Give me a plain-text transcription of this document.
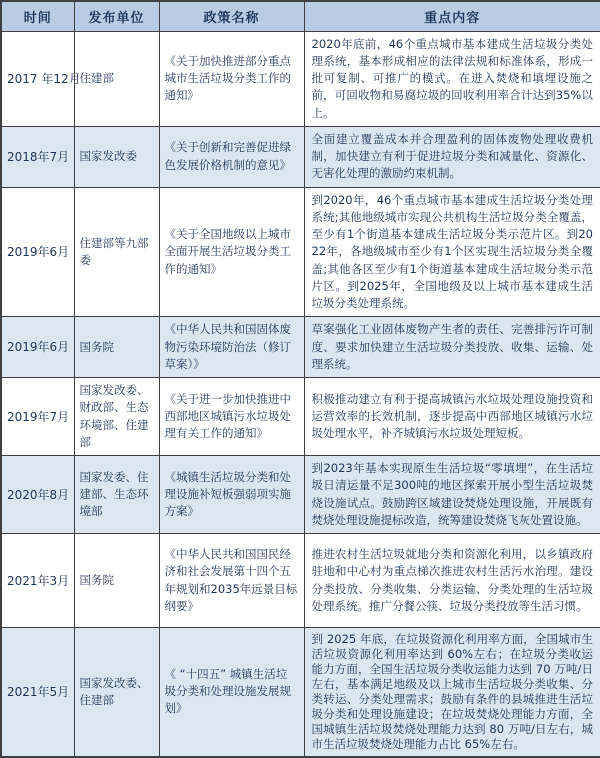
时间	发布单位	政策名称	重点内容
2017 年12月	住建部	《关于加快推进部分重点城市生活垃圾分类工作的通知》	2020年底前，46个重点城市基本建成生活垃圾分类处理系统，基本形成相应的法律法规和标准体系，形成一批可复制、可推广的模式。在进入焚烧和填埋设施之前，可回收物和易腐垃圾的回收利用率合计达到35%以上。
2018年7月	国家发改委	《关于创新和完善促进绿色发展价格机制的意见》	全面建立覆盖成本并合理盈利的固体废物处理收费机制，加快建立有利于促进垃圾分类和减量化、资源化、无害化处理的激励约束机制。
2019年6月	住建部等九部委	《关于全国地级以上城市全面开展生活垃圾分类工作的通知》	到2020年，46个重点城市基本建成生活垃圾分类处理系统;其他地级城市实现公共机构生活垃圾分类全覆盖，至少有1个街道基本建成生活垃圾分类示范片区。到2022年，各地级城市至少有1个区实现生活垃圾分类全覆盖;其他各区至少有1个街道基本建成生活垃圾分类示范片区。到2025年，全国地级及以上城市基本建成生活垃圾分类处理系统。
2019年6月	国务院	《中华人民共和国固体废物污染环境防治法（修订草案）》	草案强化工业固体废物产生者的责任、完善排污许可制度、要求加快建立生活垃圾分类投放、收集、运输、处理系统。
2019年7月	国家发改委、财政部、生态环境部、住建部	《关于进一步加快推进中西部地区城镇污水垃圾处理有关工作的通知》	积极推动建立有利于提高城镇污水垃圾处理设施投资和运营效率的长效机制，逐步提高中西部地区城镇污水垃圾处理水平，补齐城镇污水垃圾处理短板。
2020年8月	国家发委、住建部、生态环境部	《城镇生活垃圾分类和处理设施补短板强弱项实施方案》	到2023年基本实现原生生活垃圾“零填埋”，在生活垃圾日清运量不足300吨的地区探索开展小型生活垃圾焚烧设施试点。鼓励跨区域建设焚烧处理设施，开展既有焚烧处理设施提标改造，统筹建设焚烧飞灰处置设施。
2021年3月	国务院	《中华人民共和国国民经济和社会发展第十四个五年规划和2035年远景目标纲要》	推进农村生活垃圾就地分类和资源化利用，以乡镇政府驻地和中心村为重点梯次推进农村生活污水治理。建设分类投放、分类收集、分类运输、分类处理的生活垃圾处理系统。推广分餐公筷、垃圾分类投放等生活习惯。
2021年5月	国家发改委、住建部	《 “十四五” 城镇生活垃圾分类和处理设施发展规划》	到 2025 年底，在垃圾资源化利用率方面，全国城市生活垃圾资源化利用率达到 60%左右；在垃圾分类收运能力方面，全国生活垃圾分类收运能力达到 70 万吨/日左右，基本满足地级及以上城市生活垃圾分类收集、分类转运、分类处理需求；鼓励有条件的县城推进生活垃圾分类和处理设施建设；在垃圾焚烧处理能力方面，全国城镇生活垃圾焚烧处理能力达到 80 万吨/日左右，城市生活垃圾焚烧处理能力占比 65%左右。
